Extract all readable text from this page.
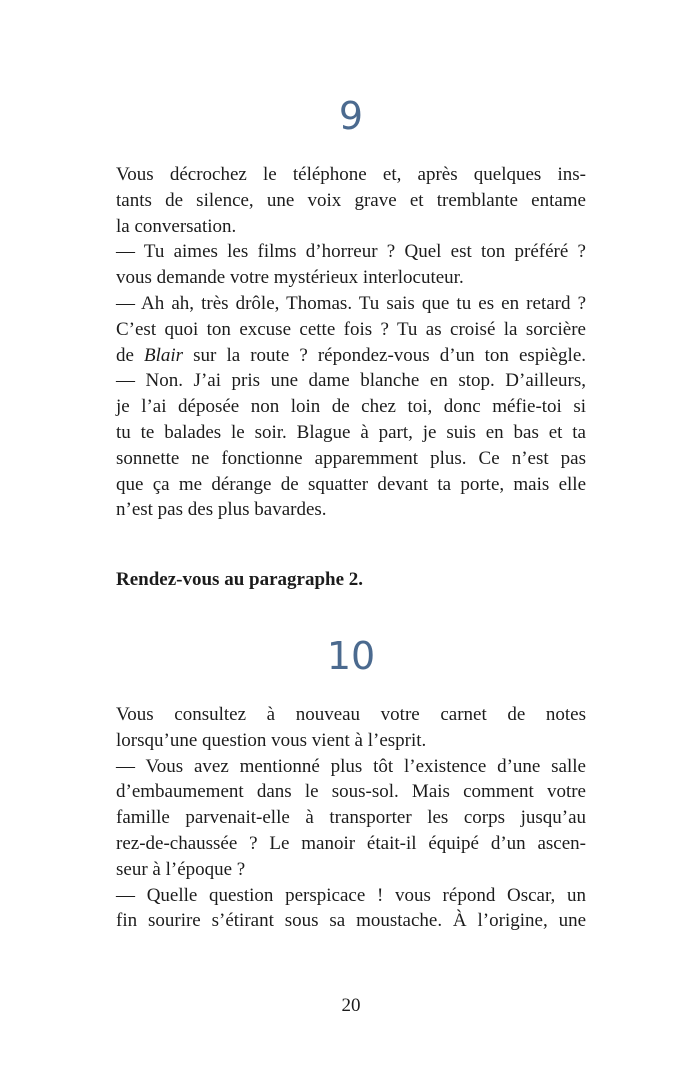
9
Vous décrochez le téléphone et, après quelques ins-
tants de silence, une voix grave et tremblante entame
la conversation.
— Tu aimes les films d’horreur ? Quel est ton préféré ?
vous demande votre mystérieux interlocuteur.
— Ah ah, très drôle, Thomas. Tu sais que tu es en retard ?
C’est quoi ton excuse cette fois ? Tu as croisé la sorcière
de Blair sur la route ? répondez-vous d’un ton espiègle.
— Non. J’ai pris une dame blanche en stop. D’ailleurs,
je l’ai déposée non loin de chez toi, donc méfie-toi si
tu te balades le soir. Blague à part, je suis en bas et ta
sonnette ne fonctionne apparemment plus. Ce n’est pas
que ça me dérange de squatter devant ta porte, mais elle
n’est pas des plus bavardes.
Rendez-vous au paragraphe 2.
10
Vous consultez à nouveau votre carnet de notes
lorsqu’une question vous vient à l’esprit.
— Vous avez mentionné plus tôt l’existence d’une salle
d’embaumement dans le sous-sol. Mais comment votre
famille parvenait-elle à transporter les corps jusqu’au
rez-de-chaussée ? Le manoir était-il équipé d’un ascen-
seur à l’époque ?
— Quelle question perspicace ! vous répond Oscar, un
fin sourire s’étirant sous sa moustache. À l’origine, une
20
